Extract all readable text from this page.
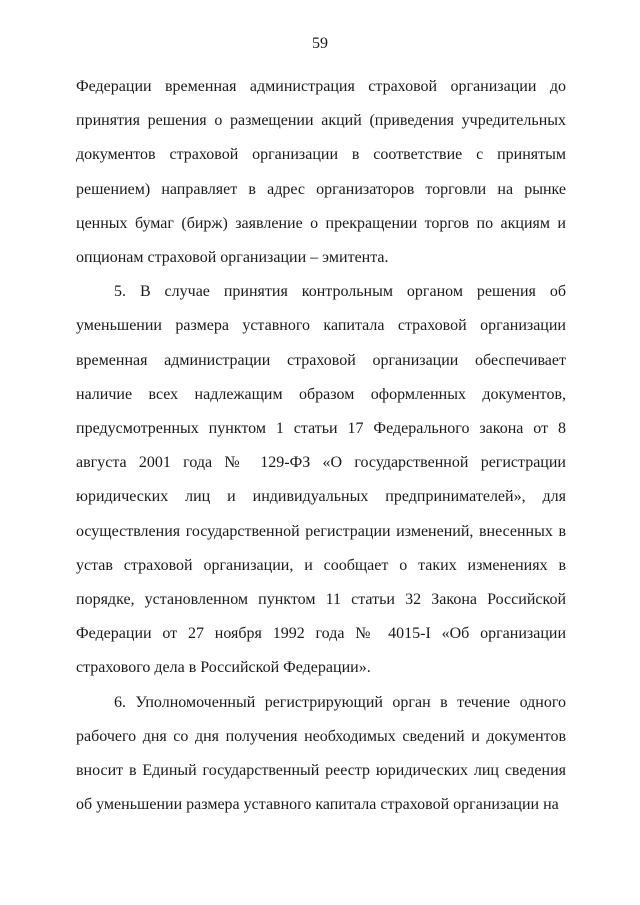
59

Федерации временная администрация страховой организации до принятия решения о размещении акций (приведения учредительных документов страховой организации в соответствие с принятым решением) направляет в адрес организаторов торговли на рынке ценных бумаг (бирж) заявление о прекращении торгов по акциям и опционам страховой организации – эмитента.

5. В случае принятия контрольным органом решения об уменьшении размера уставного капитала страховой организации временная администрации страховой организации обеспечивает наличие всех надлежащим образом оформленных документов, предусмотренных пунктом 1 статьи 17 Федерального закона от 8 августа 2001 года № 129-ФЗ «О государственной регистрации юридических лиц и индивидуальных предпринимателей», для осуществления государственной регистрации изменений, внесенных в устав страховой организации, и сообщает о таких изменениях в порядке, установленном пунктом 11 статьи 32 Закона Российской Федерации от 27 ноября 1992 года № 4015-I «Об организации страхового дела в Российской Федерации».

6. Уполномоченный регистрирующий орган в течение одного рабочего дня со дня получения необходимых сведений и документов вносит в Единый государственный реестр юридических лиц сведения об уменьшении размера уставного капитала страховой организации на
